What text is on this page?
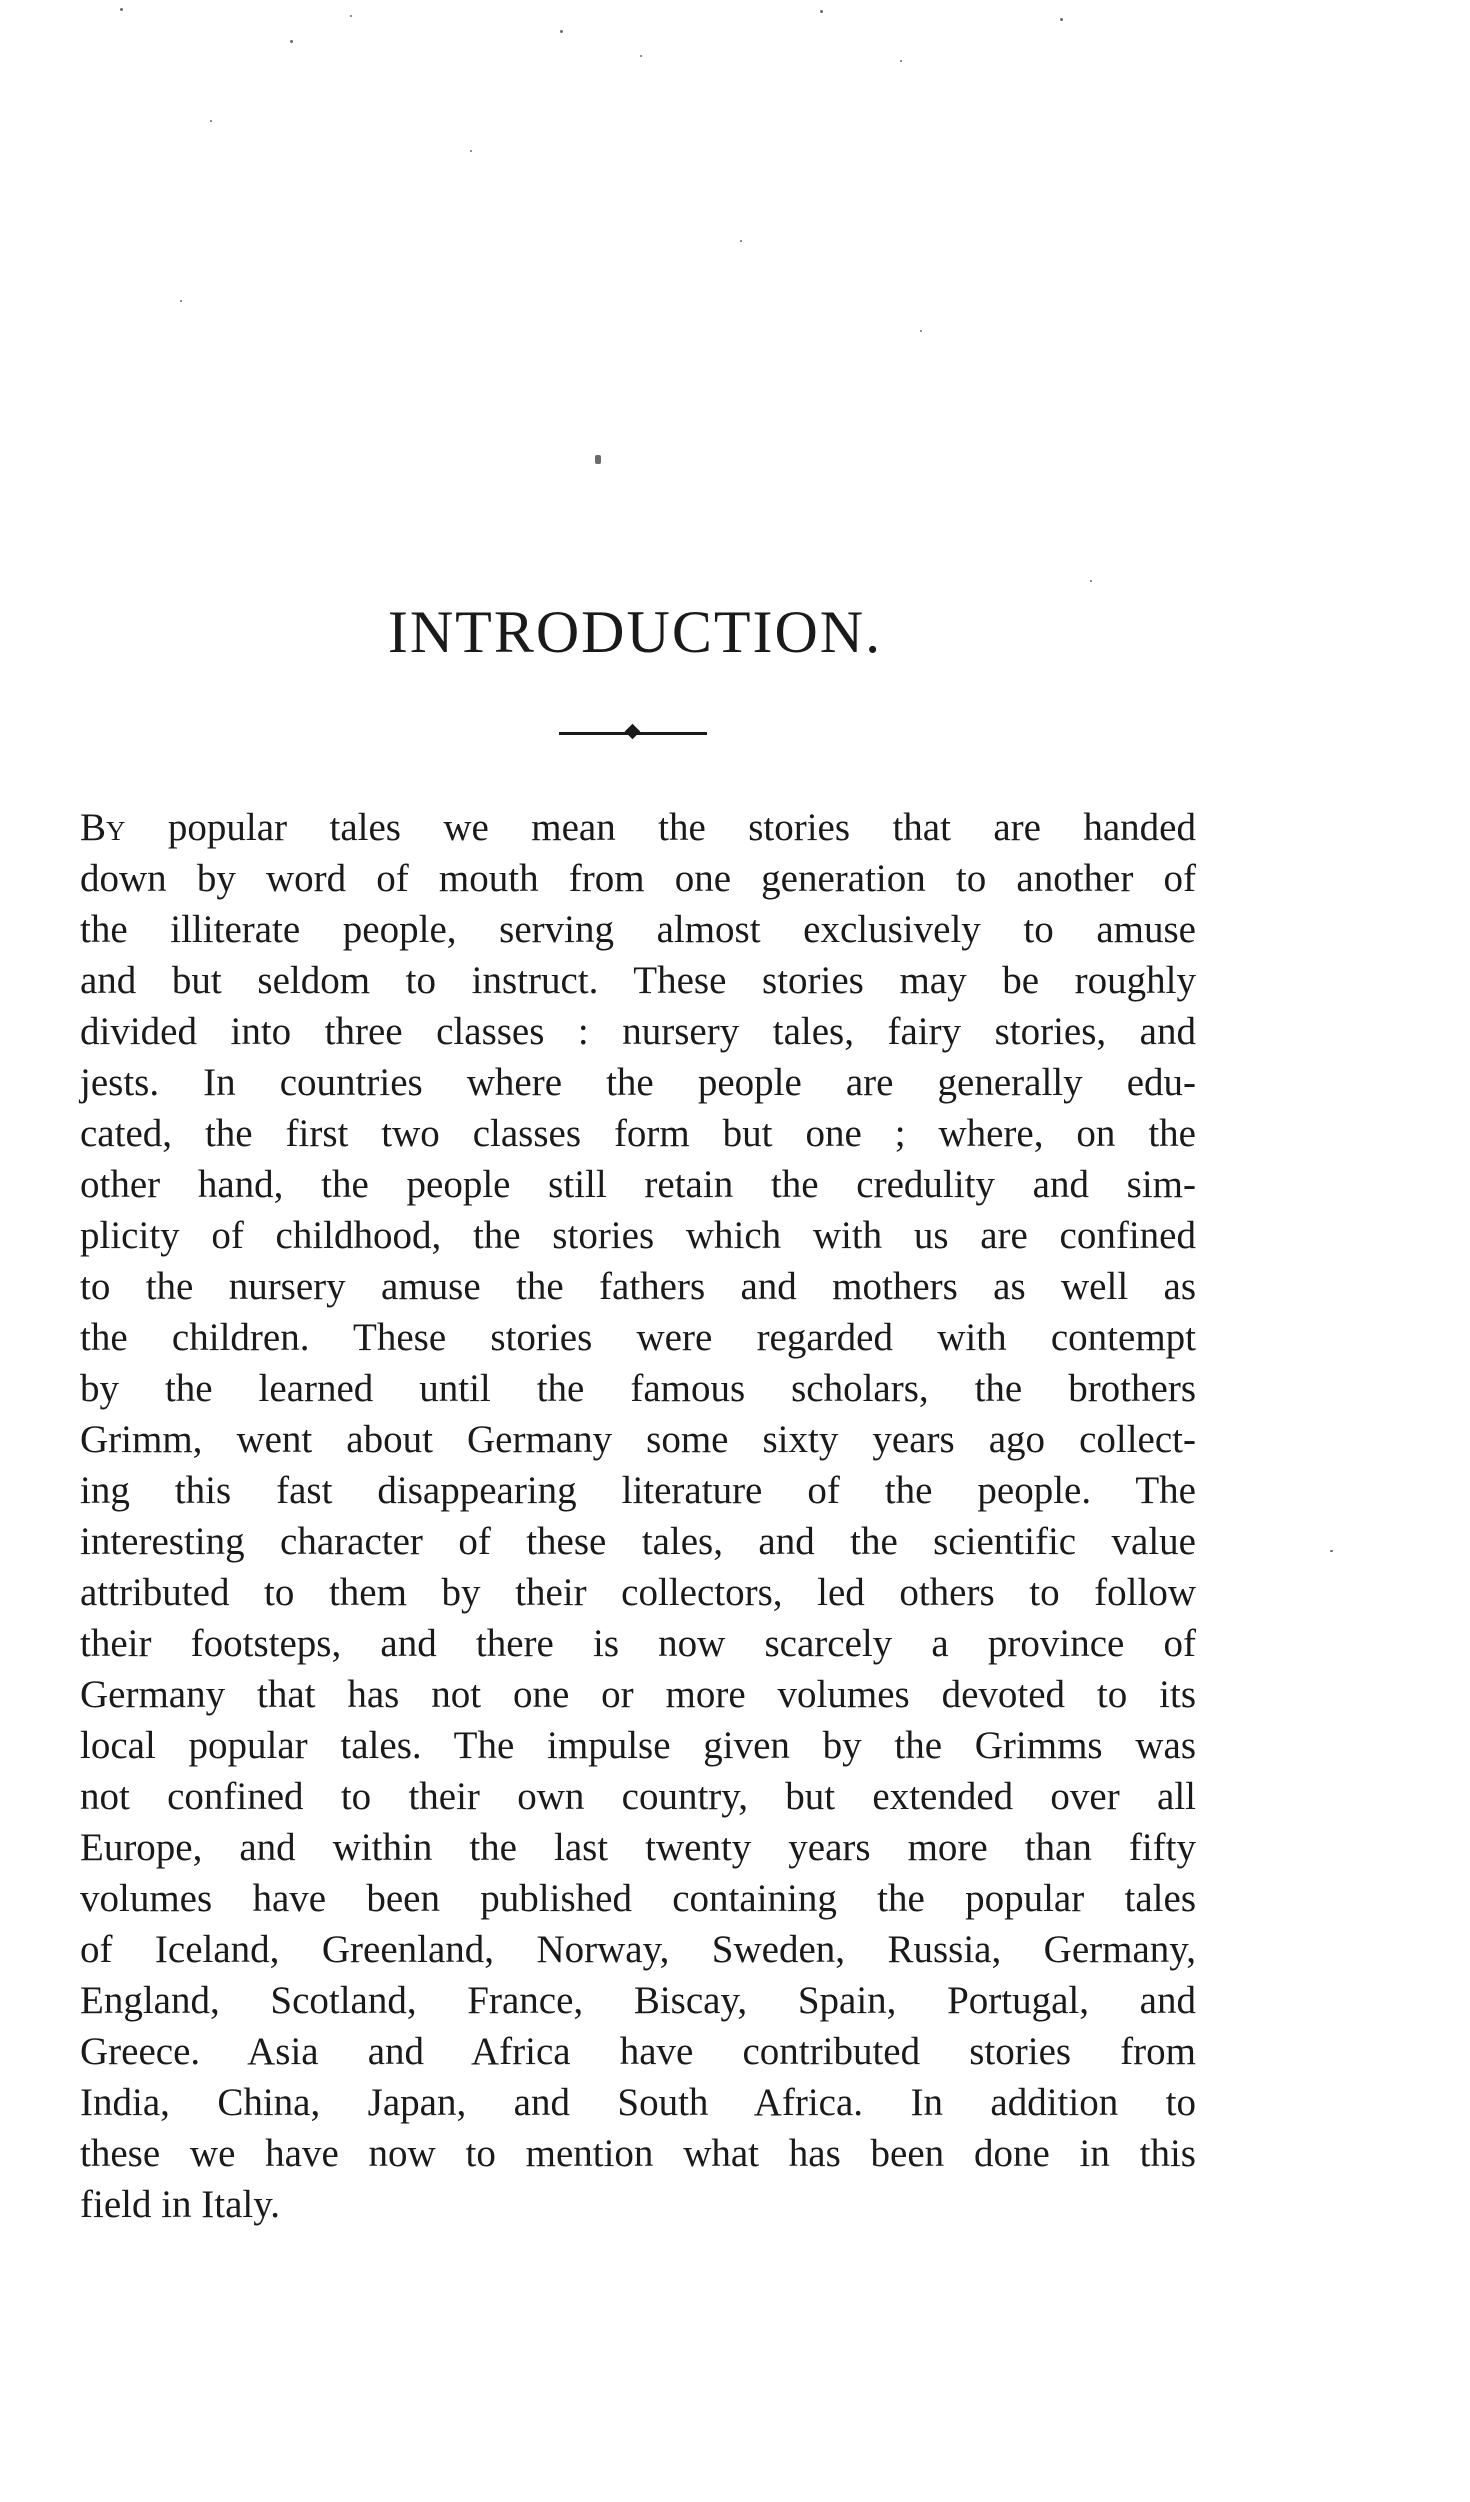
INTRODUCTION.
By popular tales we mean the stories that are handed
down by word of mouth from one generation to another of
the illiterate people, serving almost exclusively to amuse
and but seldom to instruct. These stories may be roughly
divided into three classes : nursery tales, fairy stories, and
jests. In countries where the people are generally edu-
cated, the first two classes form but one ; where, on the
other hand, the people still retain the credulity and sim-
plicity of childhood, the stories which with us are confined
to the nursery amuse the fathers and mothers as well as
the children. These stories were regarded with contempt
by the learned until the famous scholars, the brothers
Grimm, went about Germany some sixty years ago collect-
ing this fast disappearing literature of the people. The
interesting character of these tales, and the scientific value
attributed to them by their collectors, led others to follow
their footsteps, and there is now scarcely a province of
Germany that has not one or more volumes devoted to its
local popular tales. The impulse given by the Grimms was
not confined to their own country, but extended over all
Europe, and within the last twenty years more than fifty
volumes have been published containing the popular tales
of Iceland, Greenland, Norway, Sweden, Russia, Germany,
England, Scotland, France, Biscay, Spain, Portugal, and
Greece. Asia and Africa have contributed stories from
India, China, Japan, and South Africa. In addition to
these we have now to mention what has been done in this
field in Italy.
